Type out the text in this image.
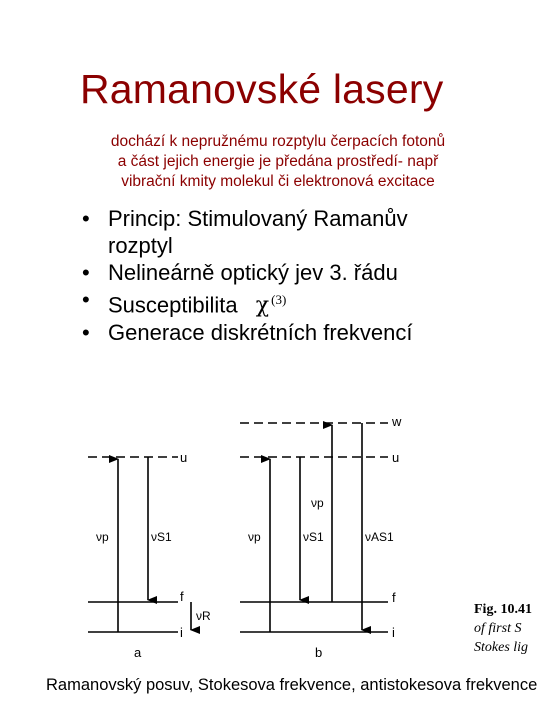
Ramanovské lasery
dochází k nepružnému rozptylu čerpacích fotonů
a část jejich energie je předána prostředí- např
vibrační kmity molekul či elektronová excitace
• Princip: Stimulovaný Ramanův
rozptyl
• Nelineárně optický jev 3. řádu
• Susceptibilita χ $^{(3)}$
• Generace diskrétních frekvencí
u
f
i
a
w
u
f
i
b
νp	νS1
νR
νp	νS1
νp
νAS1
Fig. 10.41
of first S
Stokes lig
Ramanovský posuv, Stokesova frekvence, antistokesova frekvence
